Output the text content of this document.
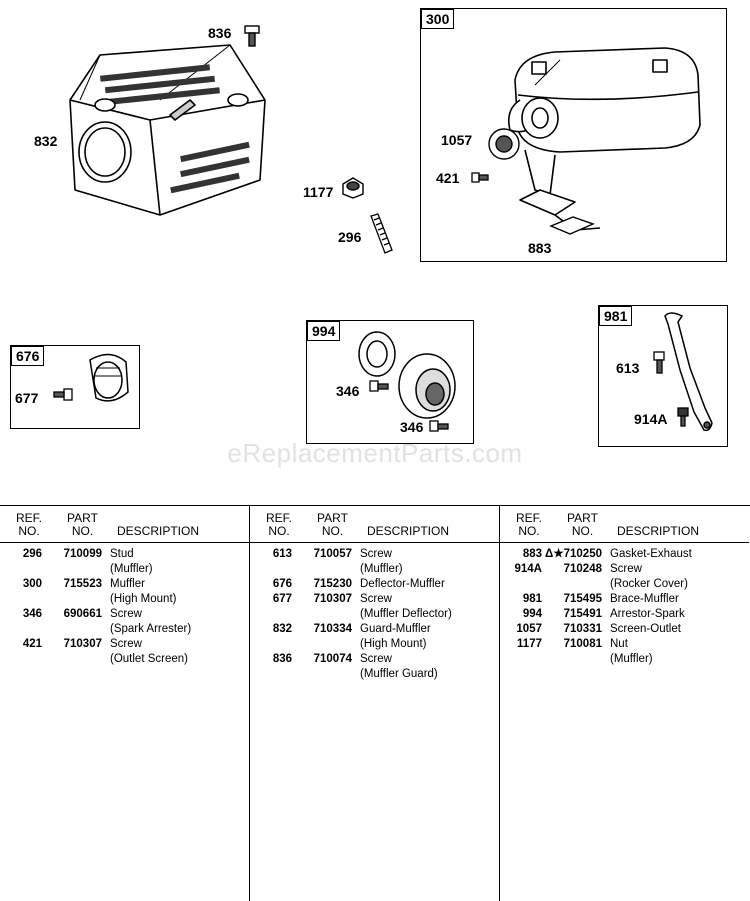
836
832
1177
296
1057
421
883
677	346
346
613
914A
300
676
994
981
eReplacementParts.com
REF.
NO.
PART
NO.	DESCRIPTION
296	710099 Stud
(Muffler)
300	715523 Muffler
(High Mount)
346	690661 Screw
(Spark Arrester)
421	710307 Screw
(Outlet Screen)
REF.
NO.
PART
NO.	DESCRIPTION
613	710057 Screw
(Muffler)
676	715230 Deflector-Muffler
677	710307 Screw
(Muffler Deflector)
832	710334 Guard-Muffler
(High Mount)
836	710074 Screw
(Muffler Guard)
REF.
NO.
PART
NO.	DESCRIPTION
883 Δ★710250 Gasket-Exhaust
914A	710248 Screw
(Rocker Cover)
981	715495 Brace-Muffler
994	715491 Arrestor-Spark
1057	710331 Screen-Outlet
1177	710081 Nut
(Muffler)
